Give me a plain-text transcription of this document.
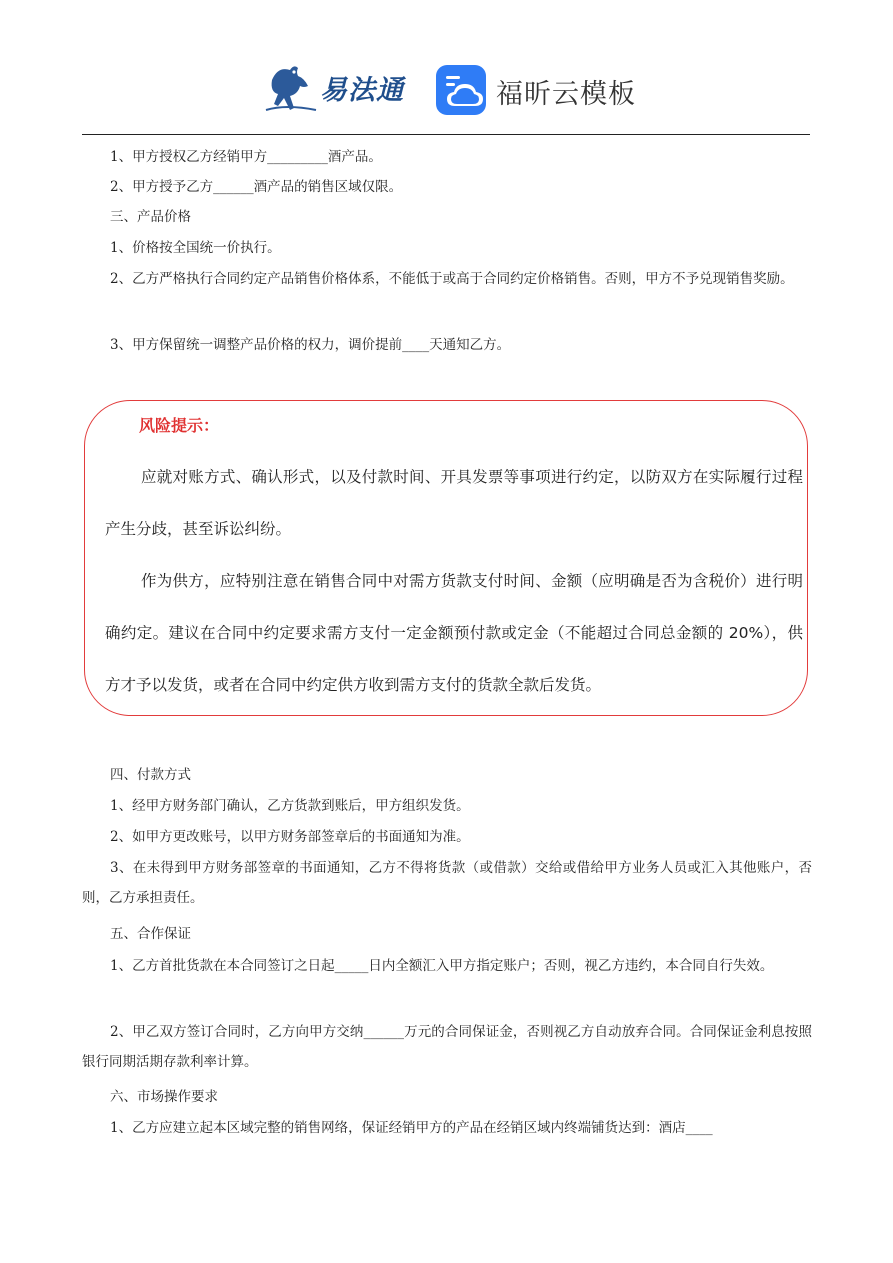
易法通	福昕云模板

1、甲方授权乙方经销甲方_________酒产品。

2、甲方授予乙方______酒产品的销售区域仅限。

三、产品价格

1、价格按全国统一价执行。

2、乙方严格执行合同约定产品销售价格体系，不能低于或高于合同约定价格销售。否则，甲方不予兑现销售奖励。

3、甲方保留统一调整产品价格的权力，调价提前____天通知乙方。

风险提示：

应就对账方式、确认形式，以及付款时间、开具发票等事项进行约定，以防双方在实际履行过程产生分歧，甚至诉讼纠纷。

作为供方，应特别注意在销售合同中对需方货款支付时间、金额（应明确是否为含税价）进行明确约定。建议在合同中约定要求需方支付一定金额预付款或定金（不能超过合同总金额的 20%），供方才予以发货，或者在合同中约定供方收到需方支付的货款全款后发货。

四、付款方式

1、经甲方财务部门确认，乙方货款到账后，甲方组织发货。

2、如甲方更改账号，以甲方财务部签章后的书面通知为准。

3、在未得到甲方财务部签章的书面通知，乙方不得将货款（或借款）交给或借给甲方业务人员或汇入其他账户，否则，乙方承担责任。

五、合作保证

1、乙方首批货款在本合同签订之日起_____日内全额汇入甲方指定账户；否则，视乙方违约，本合同自行失效。

2、甲乙双方签订合同时，乙方向甲方交纳______万元的合同保证金，否则视乙方自动放弃合同。合同保证金利息按照银行同期活期存款利率计算。

六、市场操作要求

1、乙方应建立起本区域完整的销售网络，保证经销甲方的产品在经销区域内终端铺货达到：酒店____
